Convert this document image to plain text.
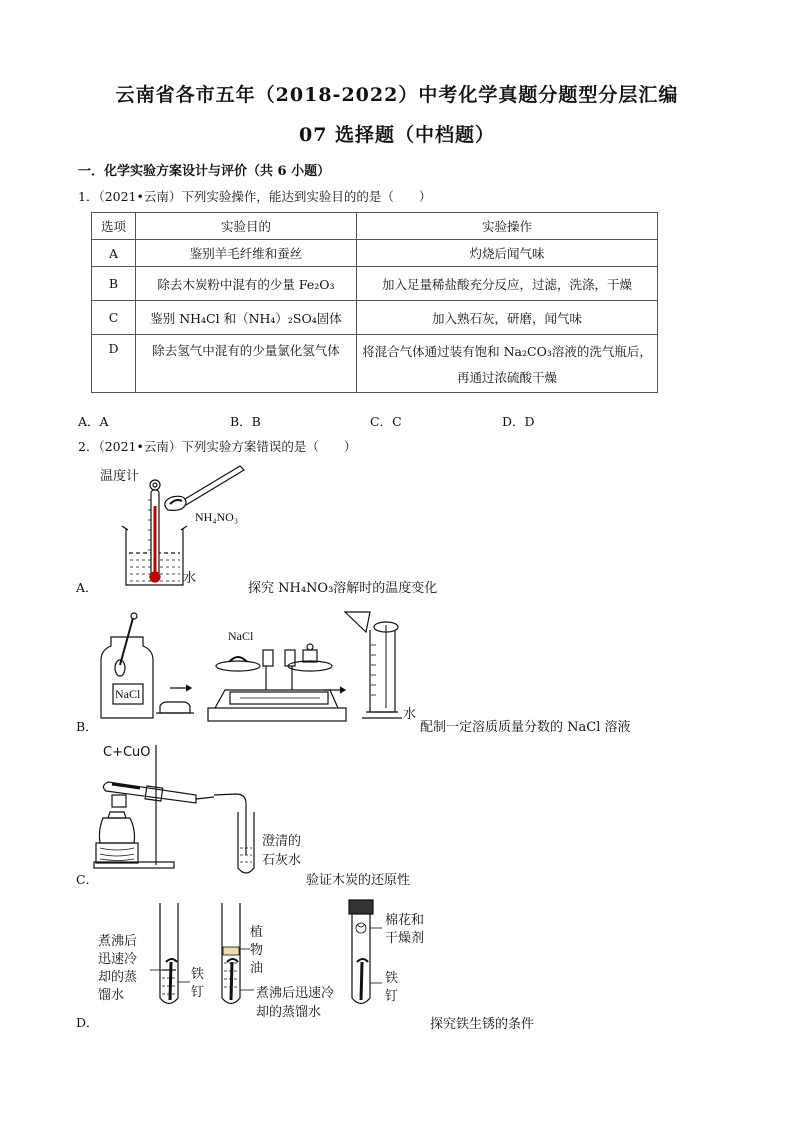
云南省各市五年（2018-2022）中考化学真题分题型分层汇编
07 选择题（中档题）
一．化学实验方案设计与评价（共 6 小题）
1．（2021•云南）下列实验操作，能达到实验目的的是（　　）
选项	实验目的	实验操作
A	鉴别羊毛纤维和蚕丝	灼烧后闻气味
B	除去木炭粉中混有的少量 Fe₂O₃	加入足量稀盐酸充分反应，过滤，洗涤，干燥
C	鉴别 NH₄Cl 和（NH₄）₂SO₄固体	加入熟石灰，研磨，闻气味
D	除去氢气中混有的少量氯化氢气体	将混合气体通过装有饱和 Na₂CO₃溶液的洗气瓶后，再通过浓硫酸干燥
A．A	B．B	C．C	D．D
2．（2021•云南）下列实验方案错误的是（　　）
温度计
NH₄NO₃
水
NaCl
NaCl
水
C+CuO
澄清的
石灰水
煮沸后
迅速冷
却的蒸
馏水
铁
钉
植
物
油
煮沸后迅速冷
却的蒸馏水
棉花和
干燥剂
铁
钉
A．	探究 NH₄NO₃溶解时的温度变化
B．	配制一定溶质质量分数的 NaCl 溶液
C．	验证木炭的还原性
D．	探究铁生锈的条件
